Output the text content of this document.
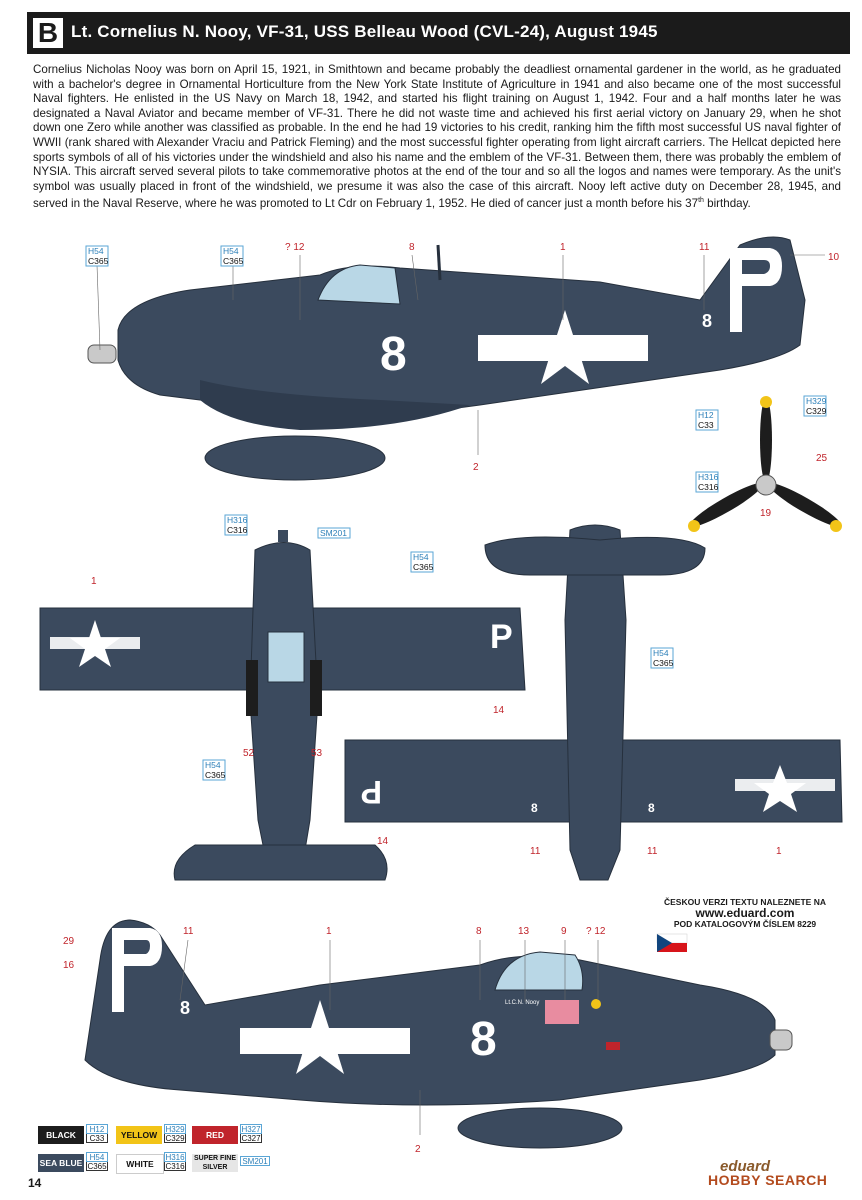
B Lt. Cornelius N. Nooy, VF-31, USS Belleau Wood (CVL-24), August 1945

Cornelius Nicholas Nooy was born on April 15, 1921, in Smithtown and became probably the deadliest ornamental gardener in the world, as he graduated with a bachelor's degree in Ornamental Horticulture from the New York State Institute of Agriculture in 1941 and also became one of the most successful Naval fighters. He enlisted in the US Navy on March 18, 1942, and started his flight training on August 1, 1942. Four and a half months later he was designated a Naval Aviator and became member of VF-31. There he did not waste time and achieved his first aerial victory on January 29, when he shot down one Zero while another was classified as probable. In the end he had 19 victories to his credit, ranking him the fifth most successful US naval fighter of WWII (rank shared with Alexander Vraciu and Patrick Fleming) and the most successful fighter operating from light aircraft carriers. The Hellcat depicted here sports symbols of all of his victories under the windshield and also his name and the emblem of the VF-31. Between them, there was probably the emblem of NYSIA. This aircraft served several pilots to take commemorative photos at the end of the tour and so all the logos and names were temporary. As the unit's symbol was usually placed in front of the windshield, we presume it was also the case of this aircraft. Nooy left active duty on December 28, 1945, and served in the Naval Reserve, where he was promoted to Lt Cdr on February 1, 1952. He died of cancer just a month before his 37th birthday.

8
8
P
P	8	8
8
8
Lt.C.N. Nooy
H54
C365
H54
C365
H329
C329
H12
C33
H316
C316
H316
C316	SM201
H54
C365
H54
C365
H54
C365
? 12	8	1	11
10
2
25
19
1
14
52	53
14
11	11	1
29
16
11	1	8	13	9 ? 12
2
ČESKOU VERZI TEXTU NALEZNETE NA
www.eduard.com
POD KATALOGOVÝM ČÍSLEM 8229
BLACK
H12
C33	YELLOW
H329
C329	RED
H327
C327
SEA BLUE
H54
C365	WHITE
H316
C316
SUPER FINE SILVER
SM201
14
eduard
HOBBY SEARCH
